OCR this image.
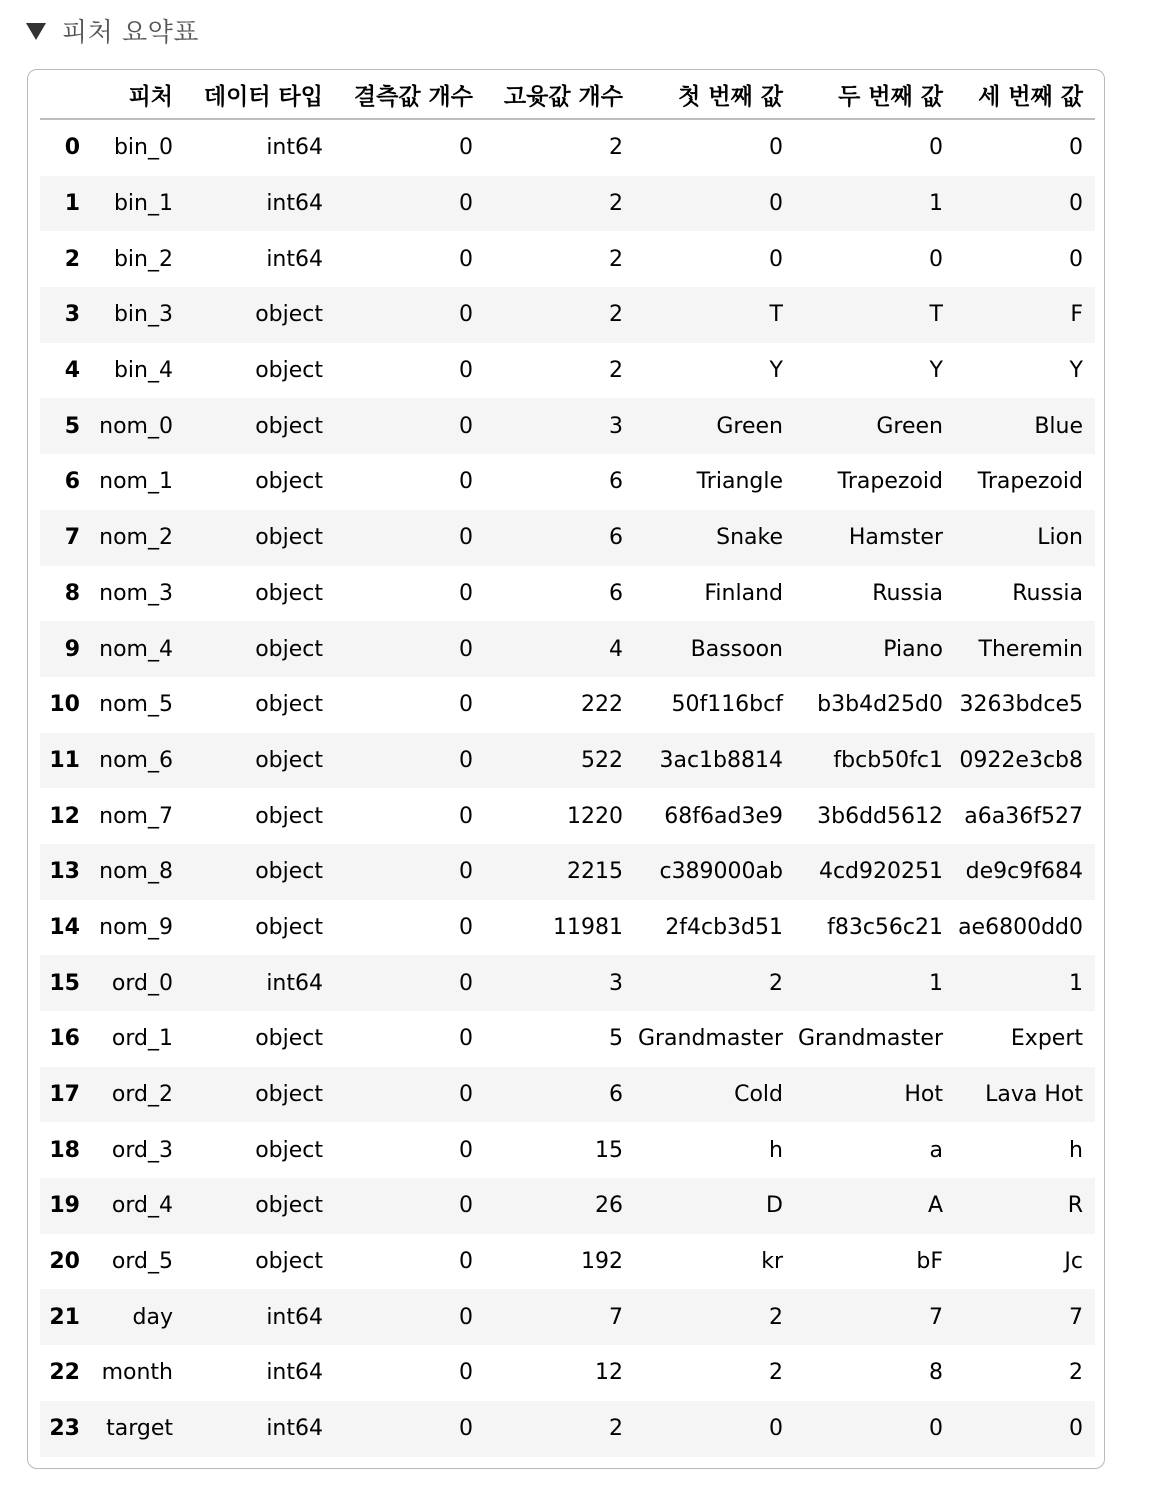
피처 요약표
	피처	데이터 타입	결측값 개수	고윳값 개수	첫 번째 값	두 번째 값	세 번째 값
0	bin_0	int64	0	2	0	0	0
1	bin_1	int64	0	2	0	1	0
2	bin_2	int64	0	2	0	0	0
3	bin_3	object	0	2	T	T	F
4	bin_4	object	0	2	Y	Y	Y
5	nom_0	object	0	3	Green	Green	Blue
6	nom_1	object	0	6	Triangle	Trapezoid	Trapezoid
7	nom_2	object	0	6	Snake	Hamster	Lion
8	nom_3	object	0	6	Finland	Russia	Russia
9	nom_4	object	0	4	Bassoon	Piano	Theremin
10	nom_5	object	0	222	50f116bcf	b3b4d25d0	3263bdce5
11	nom_6	object	0	522	3ac1b8814	fbcb50fc1	0922e3cb8
12	nom_7	object	0	1220	68f6ad3e9	3b6dd5612	a6a36f527
13	nom_8	object	0	2215	c389000ab	4cd920251	de9c9f684
14	nom_9	object	0	11981	2f4cb3d51	f83c56c21	ae6800dd0
15	ord_0	int64	0	3	2	1	1
16	ord_1	object	0	5	Grandmaster	Grandmaster	Expert
17	ord_2	object	0	6	Cold	Hot	Lava Hot
18	ord_3	object	0	15	h	a	h
19	ord_4	object	0	26	D	A	R
20	ord_5	object	0	192	kr	bF	Jc
21	day	int64	0	7	2	7	7
22	month	int64	0	12	2	8	2
23	target	int64	0	2	0	0	0
